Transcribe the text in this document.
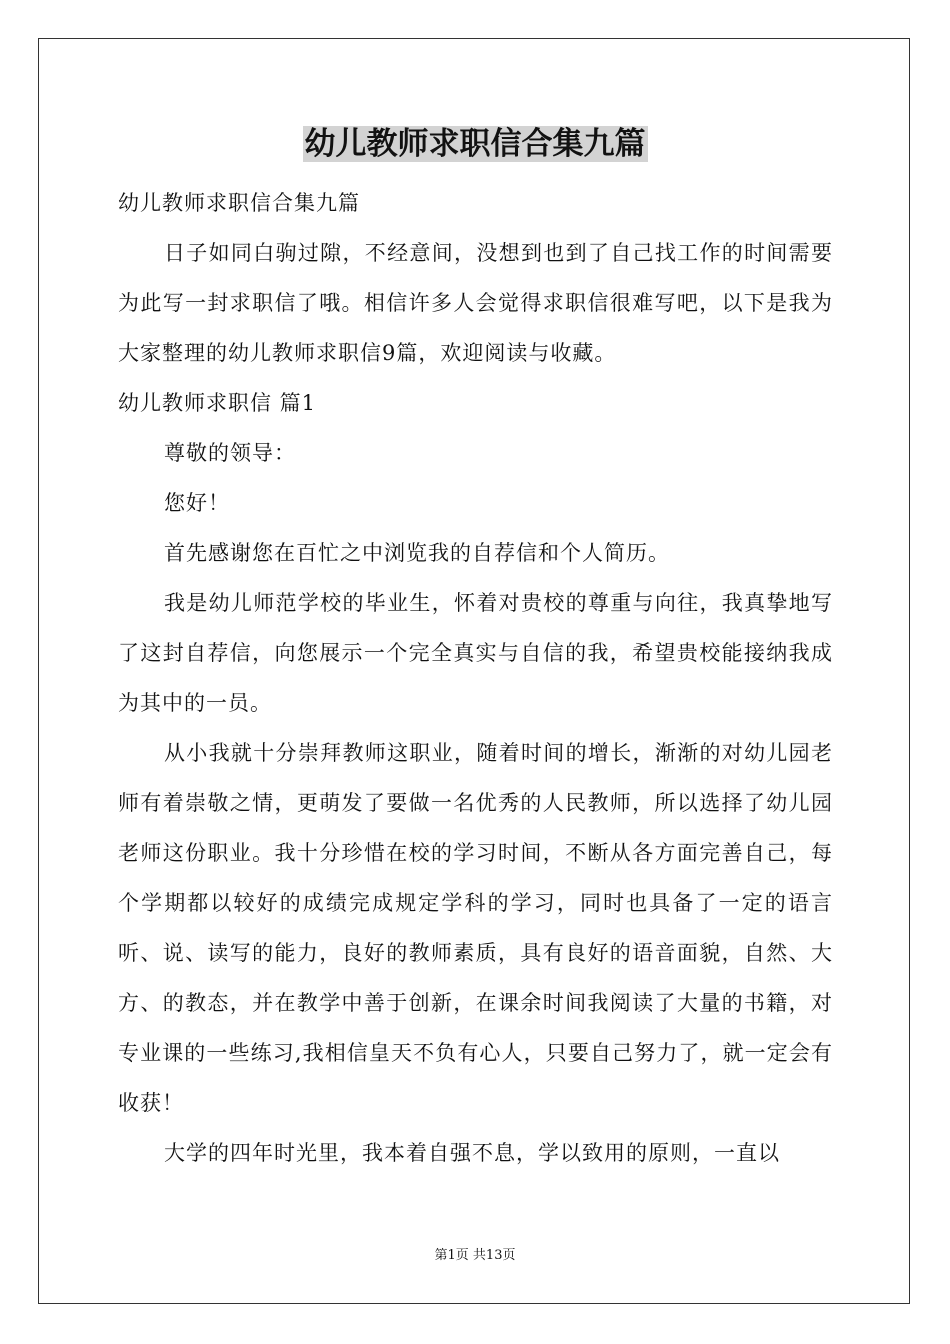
幼儿教师求职信合集九篇

幼儿教师求职信合集九篇

日子如同白驹过隙，不经意间，没想到也到了自己找工作的时间需要为此写一封求职信了哦。相信许多人会觉得求职信很难写吧，以下是我为大家整理的幼儿教师求职信9篇，欢迎阅读与收藏。

幼儿教师求职信 篇1

尊敬的领导：

您好！

首先感谢您在百忙之中浏览我的自荐信和个人简历。

我是幼儿师范学校的毕业生，怀着对贵校的尊重与向往，我真挚地写了这封自荐信，向您展示一个完全真实与自信的我，希望贵校能接纳我成为其中的一员。

从小我就十分崇拜教师这职业，随着时间的增长，渐渐的对幼儿园老师有着崇敬之情，更萌发了要做一名优秀的人民教师，所以选择了幼儿园老师这份职业。我十分珍惜在校的学习时间，不断从各方面完善自己，每个学期都以较好的成绩完成规定学科的学习，同时也具备了一定的语言听、说、读写的能力，良好的教师素质，具有良好的语音面貌，自然、大方、的教态，并在教学中善于创新，在课余时间我阅读了大量的书籍，对专业课的一些练习,我相信皇天不负有心人，只要自己努力了，就一定会有收获！

大学的四年时光里，我本着自强不息，学以致用的原则，一直以

第1页 共13页
